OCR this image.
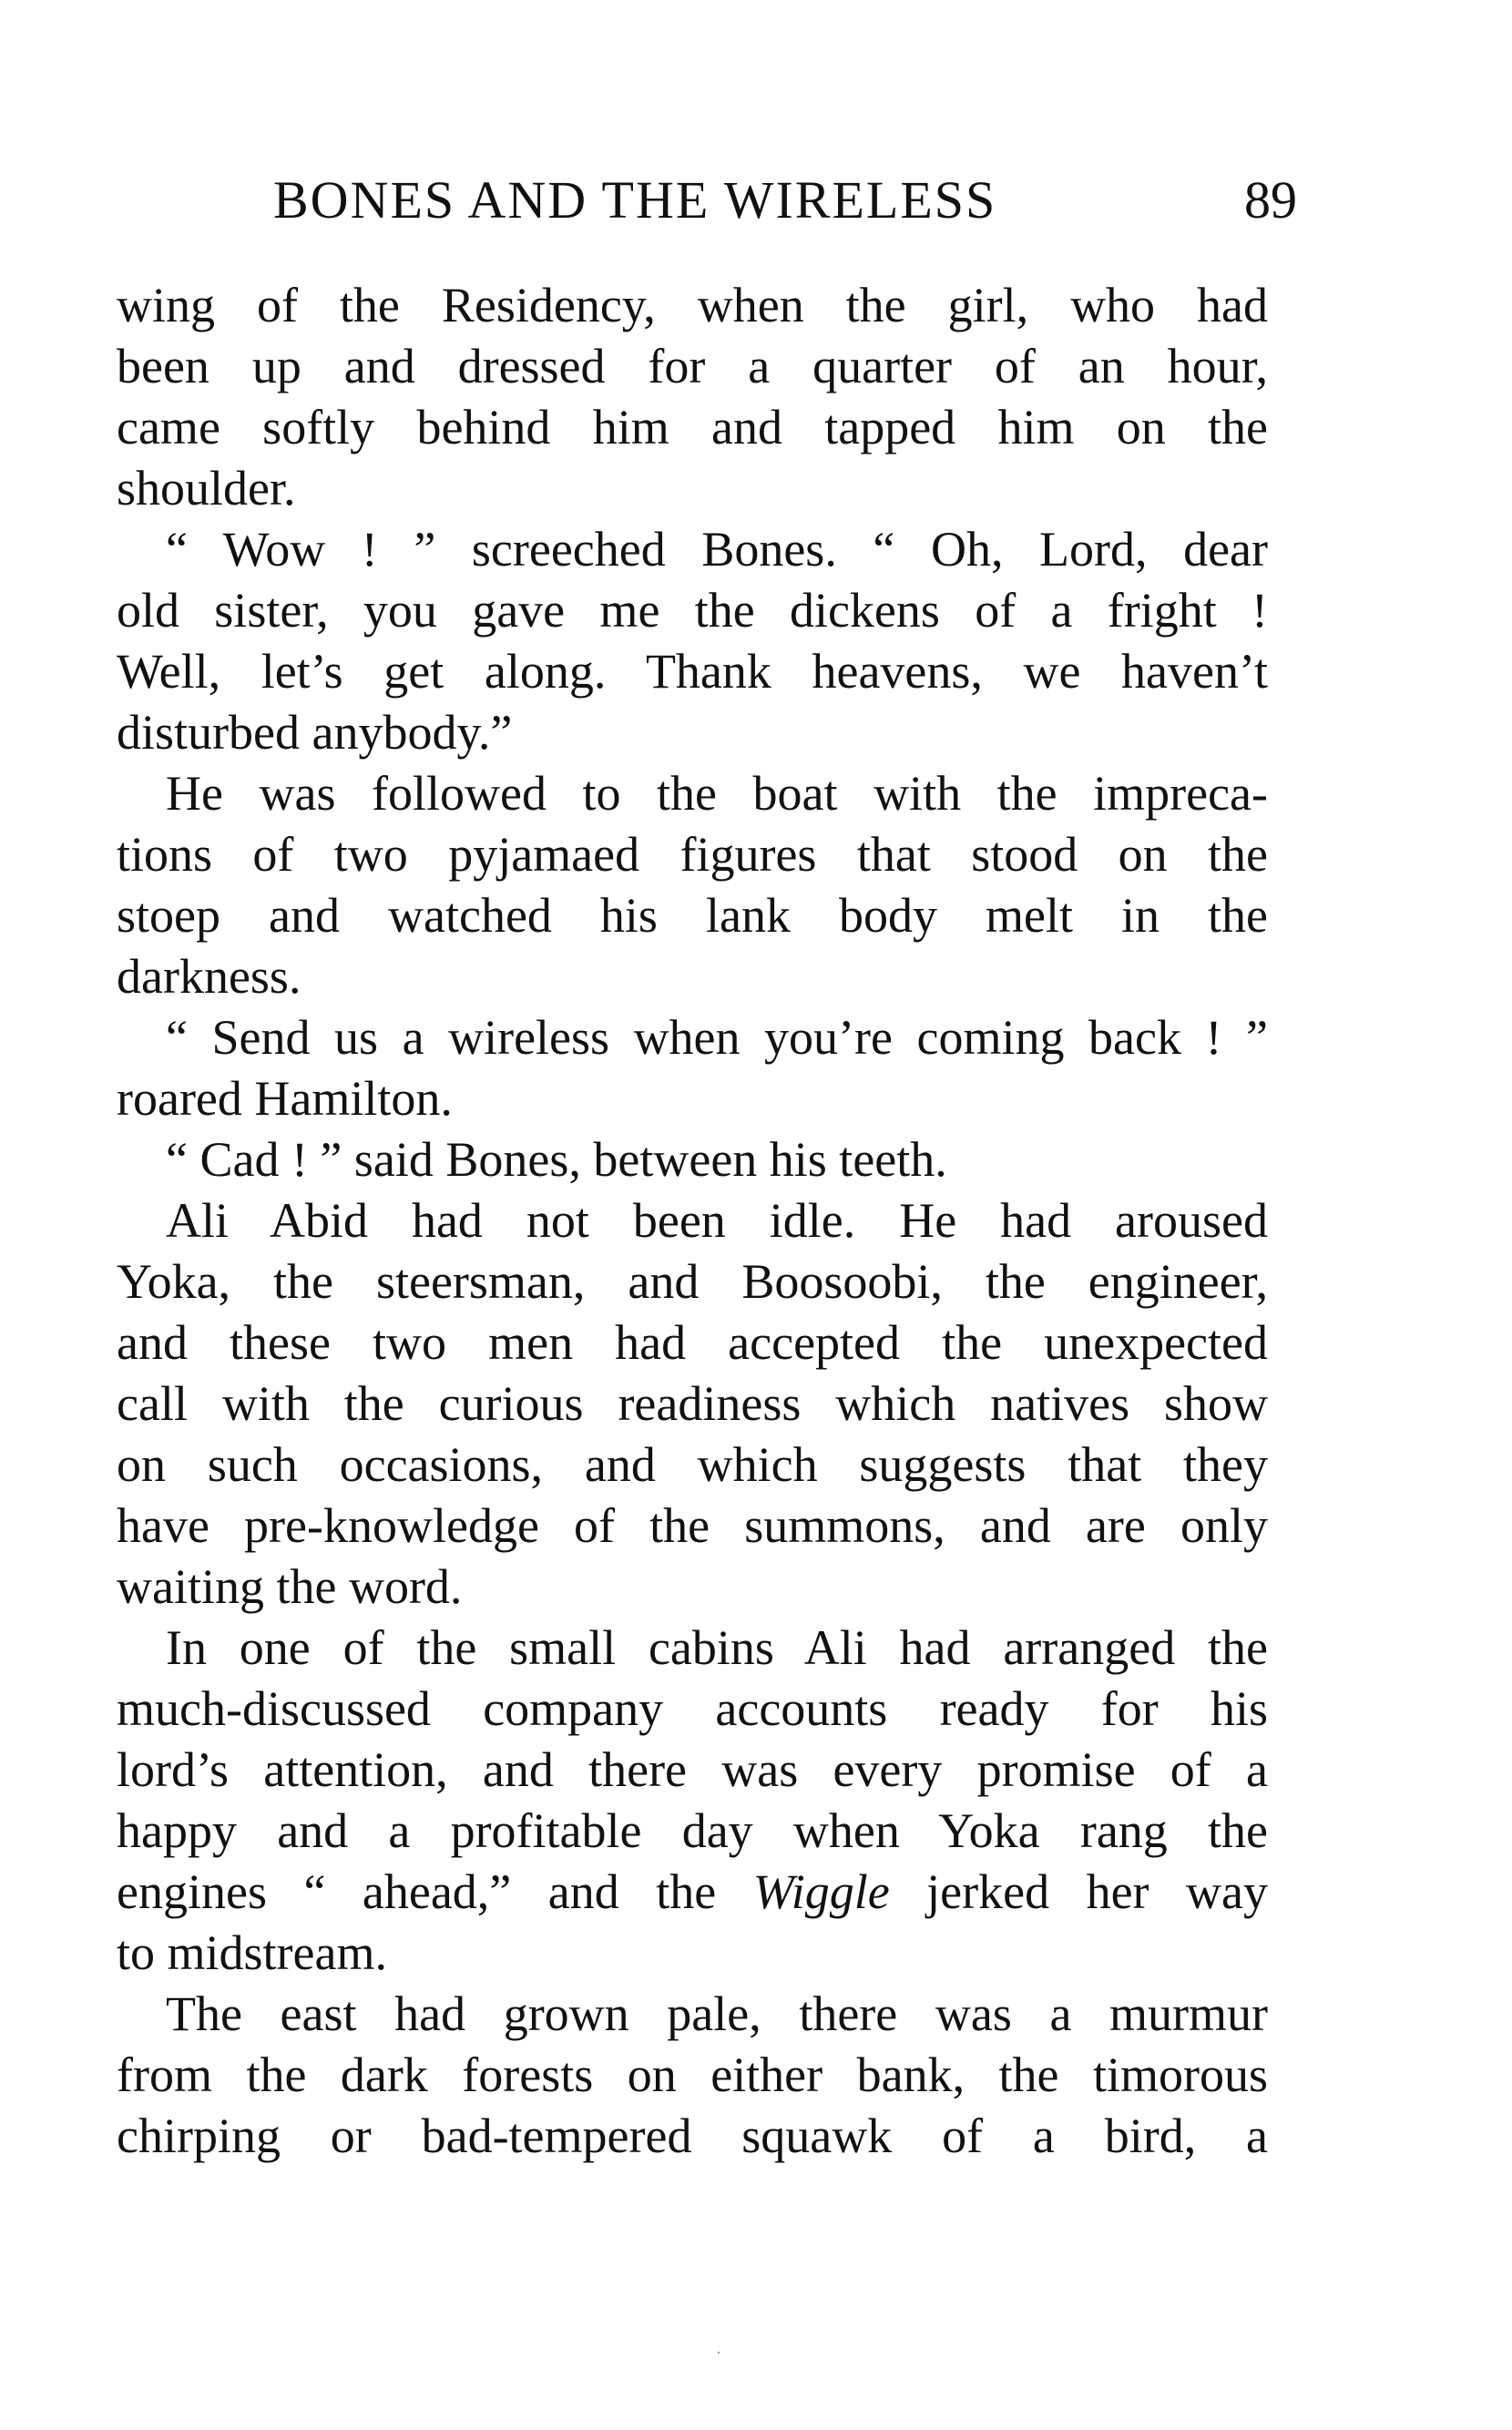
BONES AND THE WIRELESS	89
wing of the Residency, when the girl, who had
been up and dressed for a quarter of an hour,
came softly behind him and tapped him on the
shoulder.
“ Wow ! ” screeched Bones. “ Oh, Lord, dear
old sister, you gave me the dickens of a fright !
Well, let’s get along. Thank heavens, we haven’t
disturbed anybody.”
He was followed to the boat with the impreca-
tions of two pyjamaed figures that stood on the
stoep and watched his lank body melt in the
darkness.
“ Send us a wireless when you’re coming back ! ”
roared Hamilton.
“ Cad ! ” said Bones, between his teeth.
Ali Abid had not been idle. He had aroused
Yoka, the steersman, and Boosoobi, the engineer,
and these two men had accepted the unexpected
call with the curious readiness which natives show
on such occasions, and which suggests that they
have pre-knowledge of the summons, and are only
waiting the word.
In one of the small cabins Ali had arranged the
much-discussed company accounts ready for his
lord’s attention, and there was every promise of a
happy and a profitable day when Yoka rang the
engines “ ahead,” and the Wiggle jerked her way
to midstream.
The east had grown pale, there was a murmur
from the dark forests on either bank, the timorous
chirping or bad-tempered squawk of a bird, a
